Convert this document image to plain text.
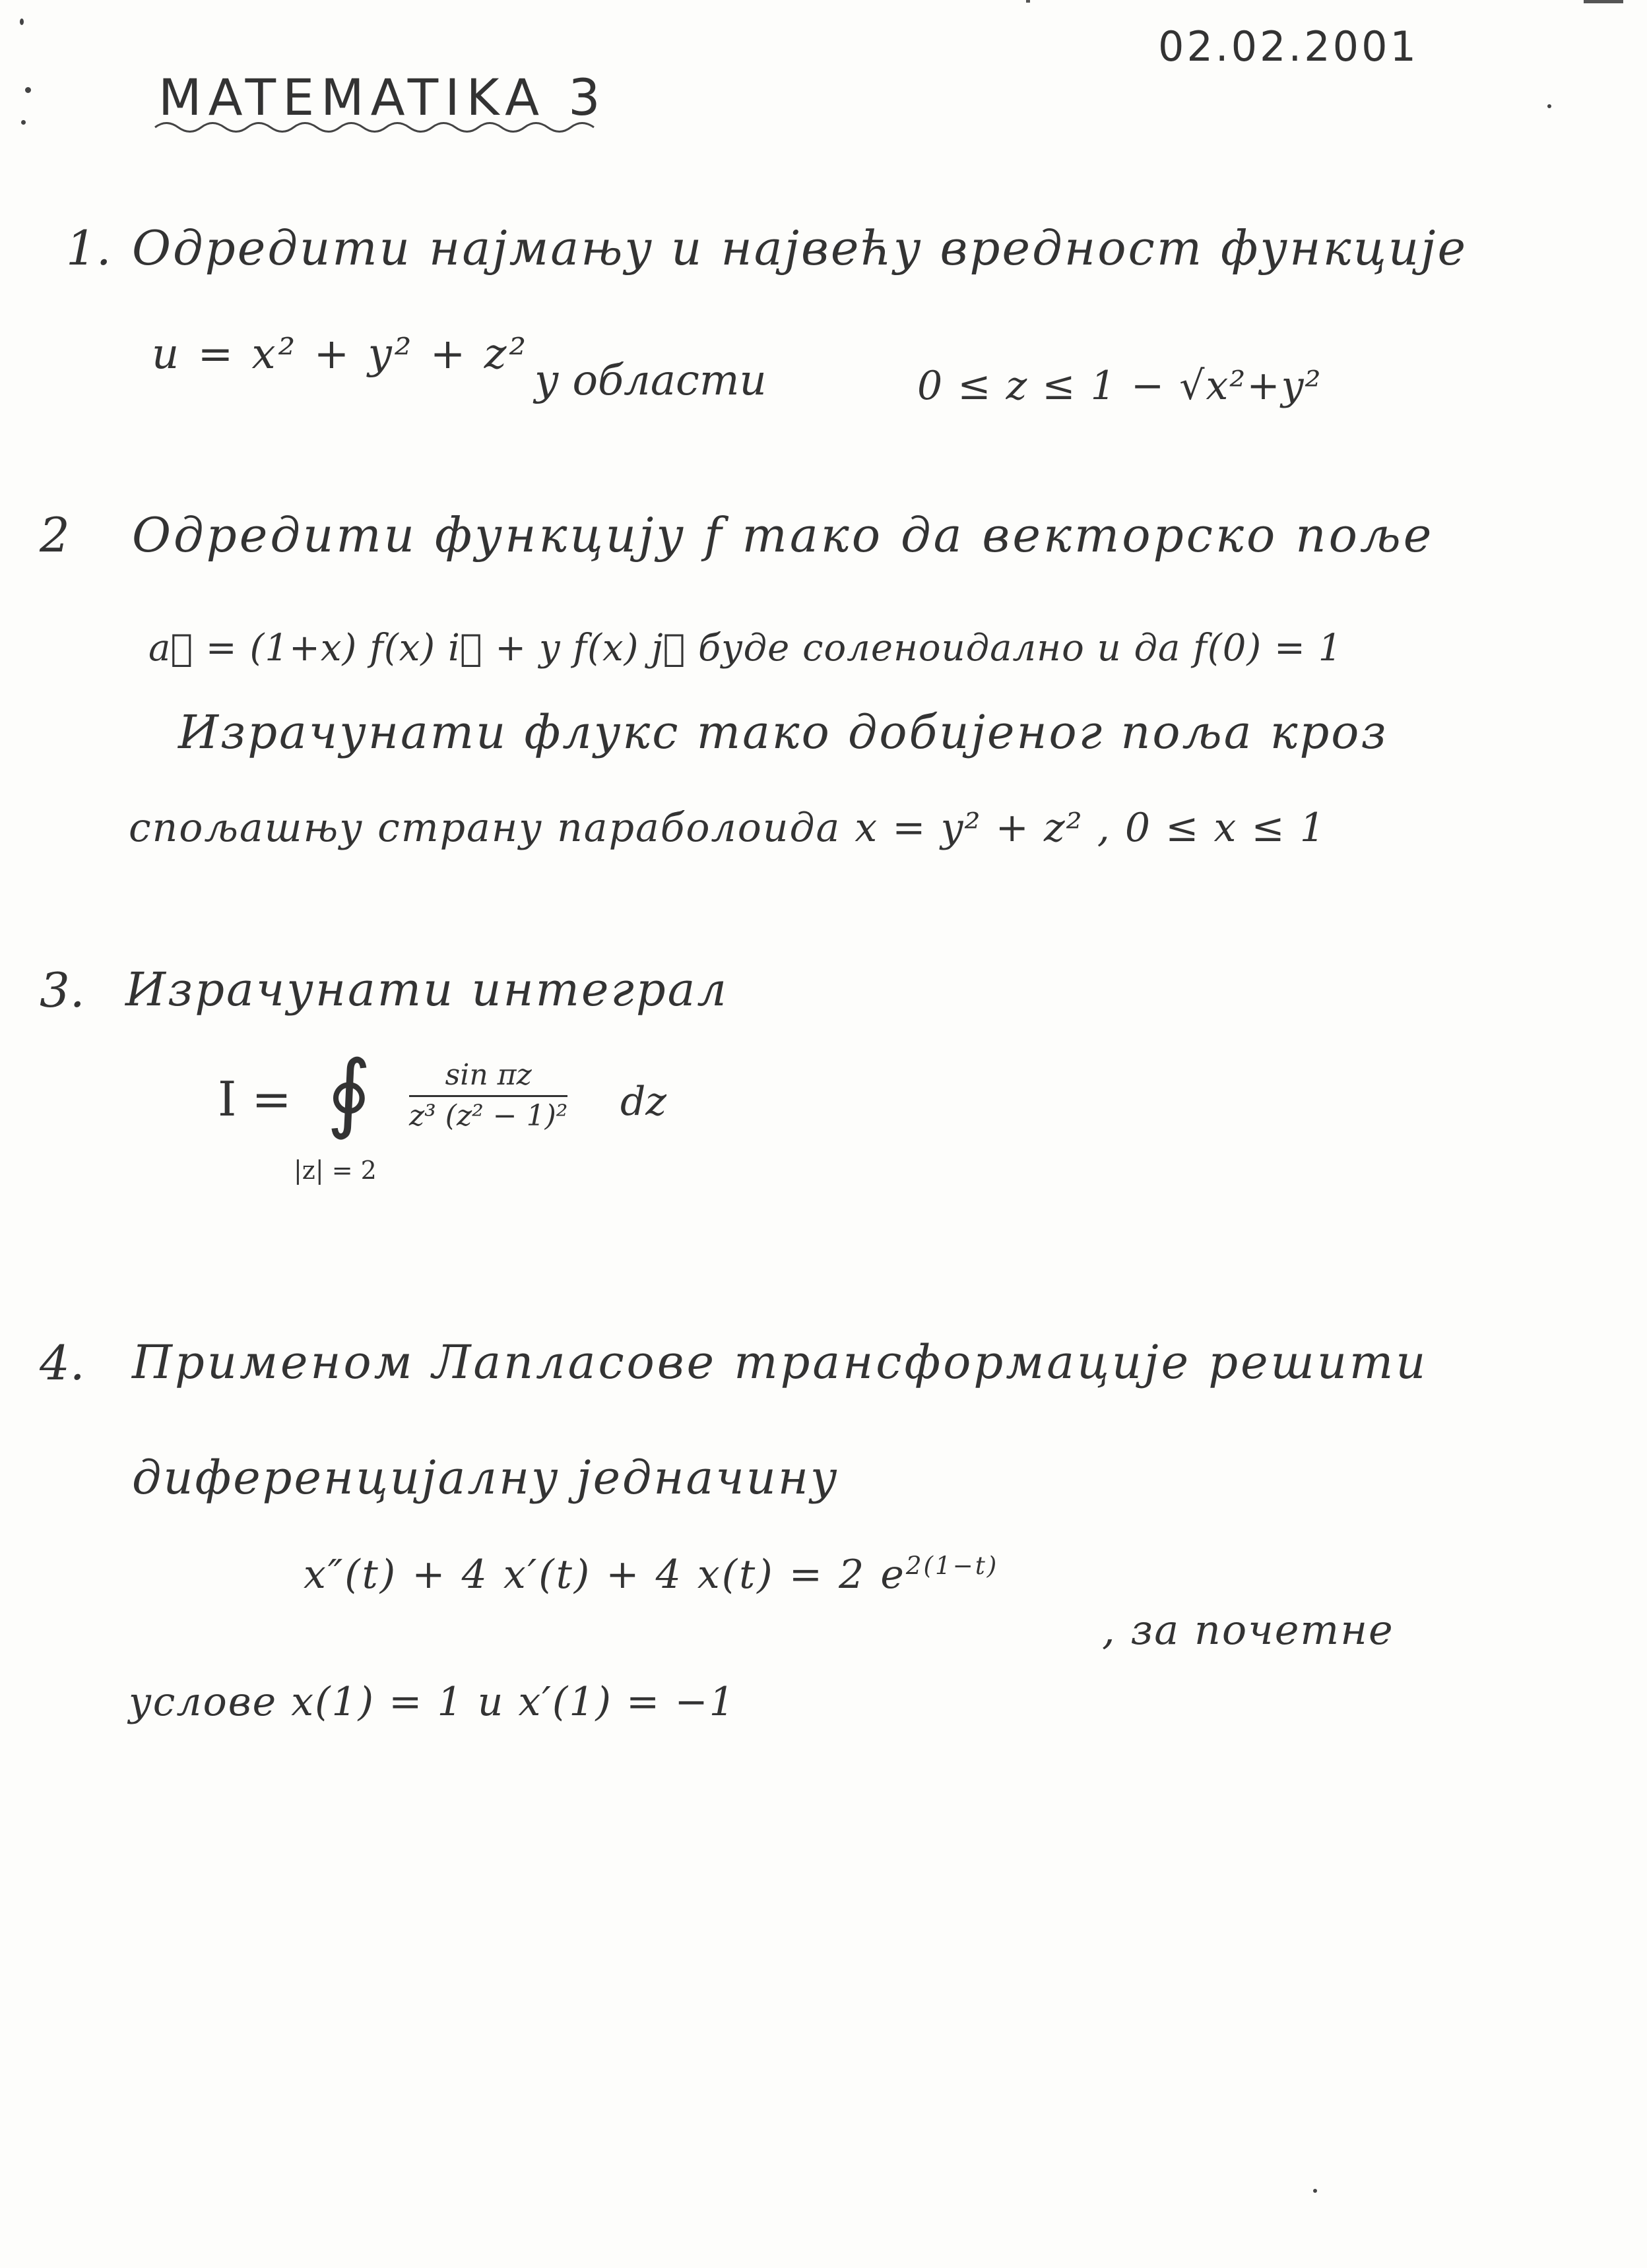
02.02.2001
MATEMATIKA 3
1. Одредити најмању и највећу вредност функције
u = x² + y² + z²
у области	0 ≤ z ≤ 1 − √x²+y²
2 Одредити функцију f тако да векторско поље
a⃗ = (1+x) f(x) i⃗ + y f(x) j⃗ буде соленоидално и да f(0) = 1
Израчунати флукс тако добијеног поља кроз
спољашњу страну параболоида x = y² + z² , 0 ≤ x ≤ 1
3. Израчунати интеграл
I = ∮
|z| = 2
sin πz
z³ (z² − 1)² dz
4. Применом Лапласове трансформације решити
диференцијалну једначину
x″(t) + 4 x′(t) + 4 x(t) = 2 $e^{2(1-t)}$
, за почетне
услове x(1) = 1 и x′(1) = −1
